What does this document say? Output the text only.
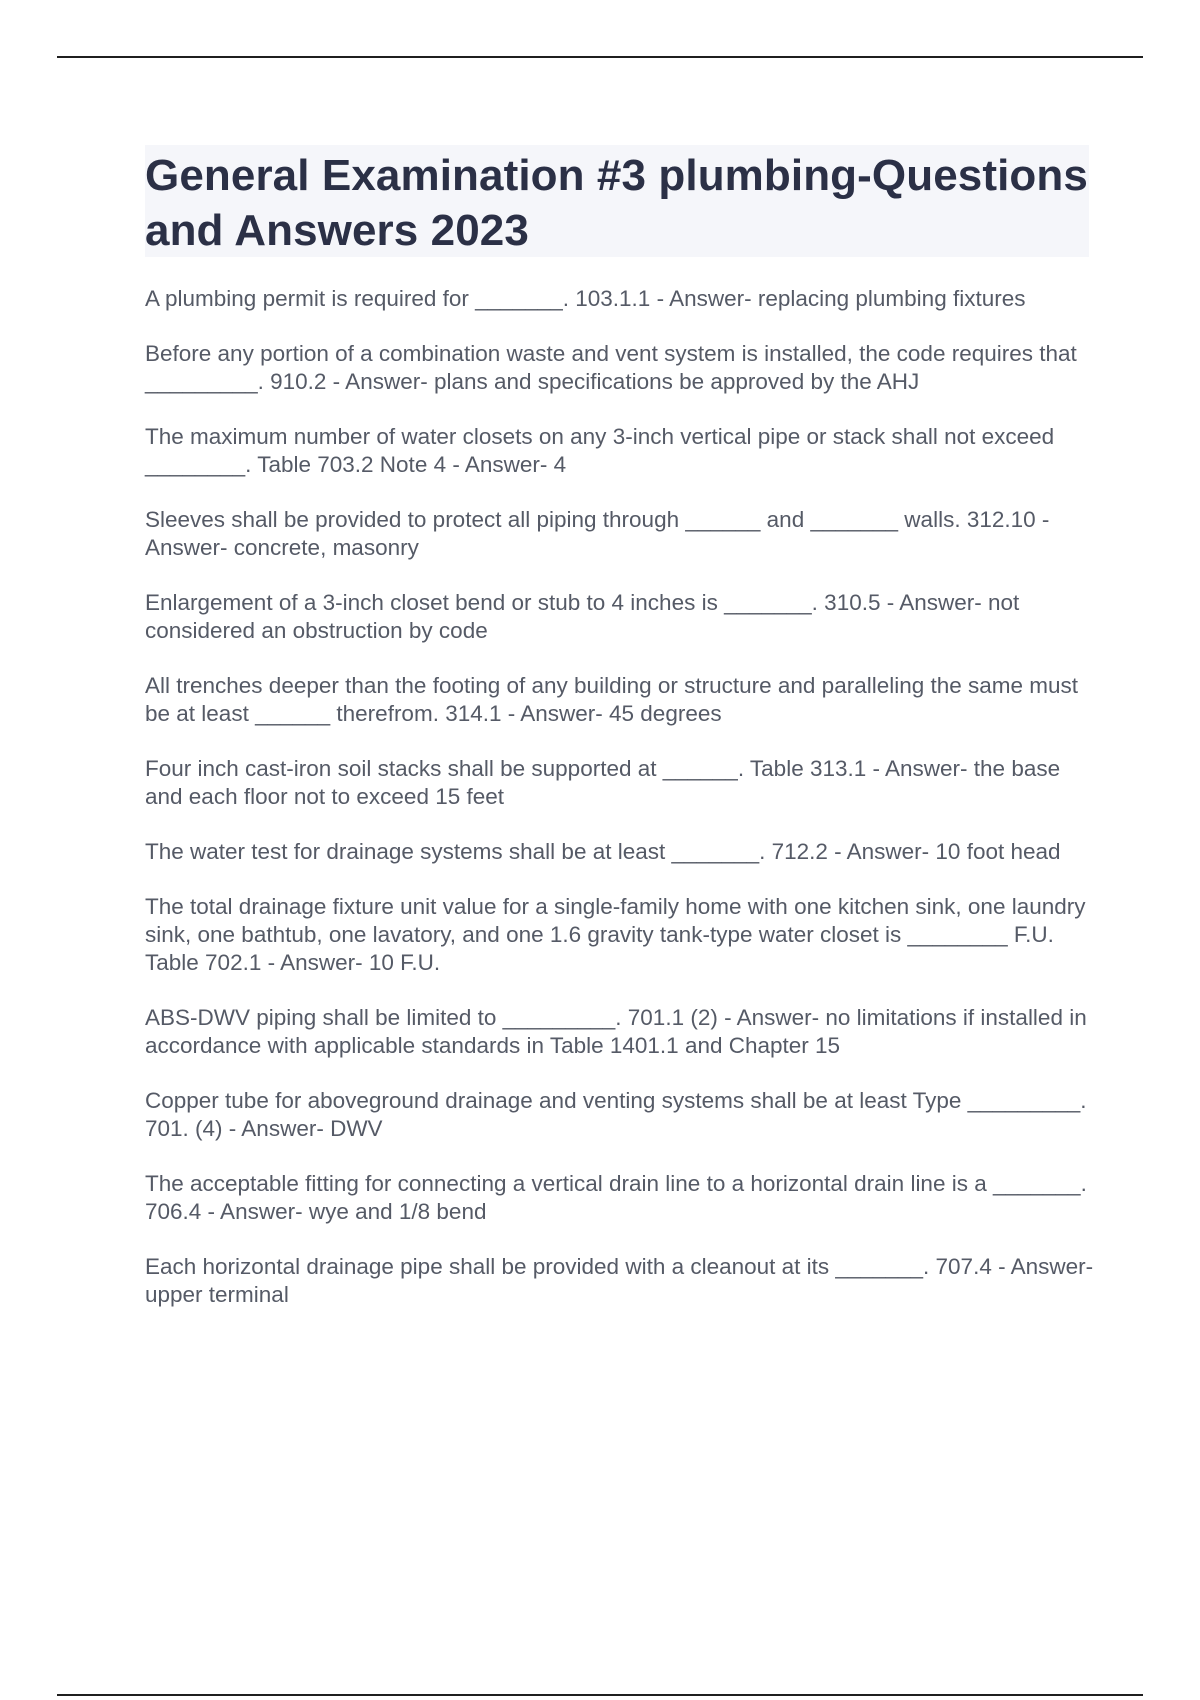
General Examination #3 plumbing-Questions and Answers 2023

A plumbing permit is required for _______. 103.1.1 - Answer- replacing plumbing fixtures

Before any portion of a combination waste and vent system is installed, the code requires that _________. 910.2 - Answer- plans and specifications be approved by the AHJ

The maximum number of water closets on any 3-inch vertical pipe or stack shall not exceed ________. Table 703.2 Note 4 - Answer- 4

Sleeves shall be provided to protect all piping through ______ and _______ walls. 312.10 - Answer- concrete, masonry

Enlargement of a 3-inch closet bend or stub to 4 inches is _______. 310.5 - Answer- not considered an obstruction by code

All trenches deeper than the footing of any building or structure and paralleling the same must be at least ______ therefrom. 314.1 - Answer- 45 degrees

Four inch cast-iron soil stacks shall be supported at ______. Table 313.1 - Answer- the base and each floor not to exceed 15 feet

The water test for drainage systems shall be at least _______. 712.2 - Answer- 10 foot head

The total drainage fixture unit value for a single-family home with one kitchen sink, one laundry sink, one bathtub, one lavatory, and one 1.6 gravity tank-type water closet is ________ F.U. Table 702.1 - Answer- 10 F.U.

ABS-DWV piping shall be limited to _________. 701.1 (2) - Answer- no limitations if installed in accordance with applicable standards in Table 1401.1 and Chapter 15

Copper tube for aboveground drainage and venting systems shall be at least Type _________. 701. (4) - Answer- DWV

The acceptable fitting for connecting a vertical drain line to a horizontal drain line is a _______. 706.4 - Answer- wye and 1/8 bend

Each horizontal drainage pipe shall be provided with a cleanout at its _______. 707.4 - Answer- upper terminal
